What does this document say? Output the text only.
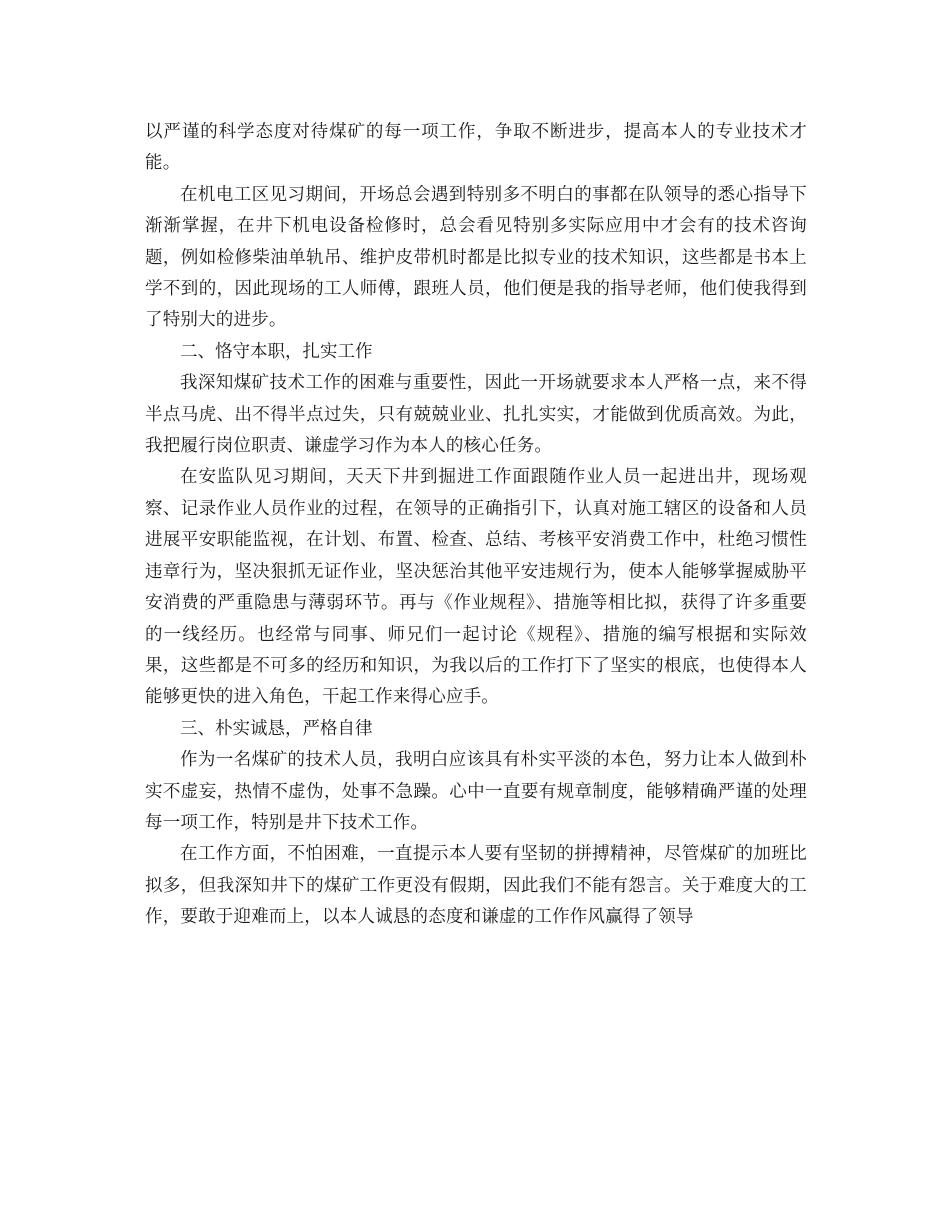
以严谨的科学态度对待煤矿的每一项工作，争取不断进步，提高本人的专业技术才能。

在机电工区见习期间，开场总会遇到特别多不明白的事都在队领导的悉心指导下渐渐掌握，在井下机电设备检修时，总会看见特别多实际应用中才会有的技术咨询题，例如检修柴油单轨吊、维护皮带机时都是比拟专业的技术知识，这些都是书本上学不到的，因此现场的工人师傅，跟班人员，他们便是我的指导老师，他们使我得到了特别大的进步。

二、恪守本职，扎实工作

我深知煤矿技术工作的困难与重要性，因此一开场就要求本人严格一点，来不得半点马虎、出不得半点过失，只有兢兢业业、扎扎实实，才能做到优质高效。为此，我把履行岗位职责、谦虚学习作为本人的核心任务。

在安监队见习期间，天天下井到掘进工作面跟随作业人员一起进出井，现场观察、记录作业人员作业的过程，在领导的正确指引下，认真对施工辖区的设备和人员进展平安职能监视，在计划、布置、检查、总结、考核平安消费工作中，杜绝习惯性违章行为，坚决狠抓无证作业，坚决惩治其他平安违规行为，使本人能够掌握威胁平安消费的严重隐患与薄弱环节。再与《作业规程》、措施等相比拟，获得了许多重要的一线经历。也经常与同事、师兄们一起讨论《规程》、措施的编写根据和实际效果，这些都是不可多的经历和知识，为我以后的工作打下了坚实的根底，也使得本人能够更快的进入角色，干起工作来得心应手。

三、朴实诚恳，严格自律

作为一名煤矿的技术人员，我明白应该具有朴实平淡的本色，努力让本人做到朴实不虚妄，热情不虚伪，处事不急躁。心中一直要有规章制度，能够精确严谨的处理每一项工作，特别是井下技术工作。

在工作方面，不怕困难，一直提示本人要有坚韧的拼搏精神，尽管煤矿的加班比拟多，但我深知井下的煤矿工作更没有假期，因此我们不能有怨言。关于难度大的工作，要敢于迎难而上，以本人诚恳的态度和谦虚的工作作风赢得了领导
